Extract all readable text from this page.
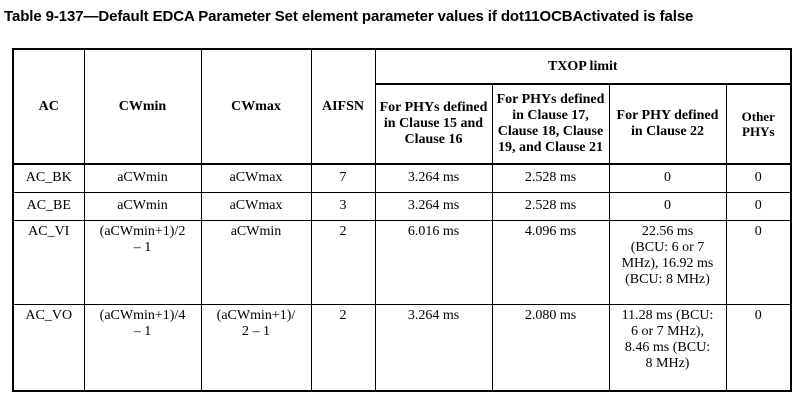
Table 9-137—Default EDCA Parameter Set element parameter values if dot11OCBActivated is false
AC	CWmin	CWmax	AIFSN	TXOP limit			
				For PHYs defined in Clause 15 and Clause 16	For PHYs defined in Clause 17, Clause 18, Clause 19, and Clause 21	For PHY defined in Clause 22	Other PHYs
AC_BK	aCWmin	aCWmax	7	3.264 ms	2.528 ms	0	0
AC_BE	aCWmin	aCWmax	3	3.264 ms	2.528 ms	0	0
AC_VI	(aCWmin+1)/2 – 1	aCWmin	2	6.016 ms	4.096 ms	22.56 ms (BCU: 6 or 7 MHz), 16.92 ms (BCU: 8 MHz)	0
AC_VO	(aCWmin+1)/4 – 1	(aCWmin+1)/ 2 – 1	2	3.264 ms	2.080 ms	11.28 ms (BCU: 6 or 7 MHz), 8.46 ms (BCU: 8 MHz)	0
